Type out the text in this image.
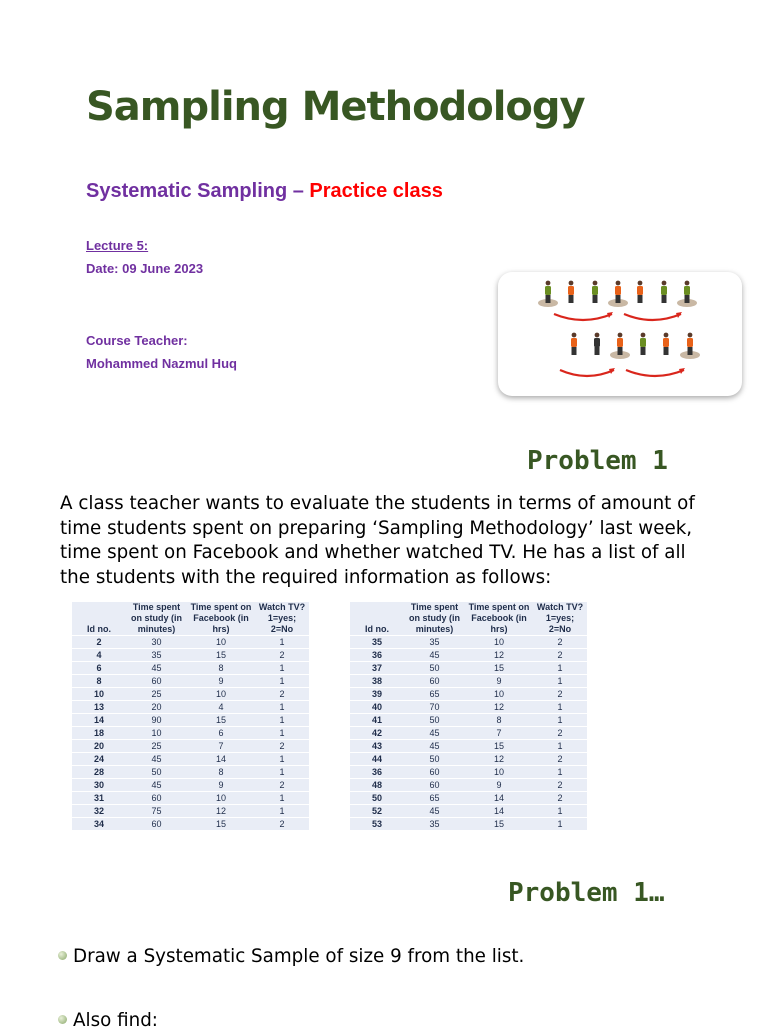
Sampling Methodology
Systematic Sampling – Practice class
Lecture 5:
Date: 09 June 2023
Course Teacher:
Mohammed Nazmul Huq
Problem 1
A class teacher wants to evaluate the students in terms of amount of time students spent on preparing ‘Sampling Methodology’ last week, time spent on Facebook and whether watched TV. He has a list of all the students with the required information as follows:
Id no.	Time spent on study (in minutes)	Time spent on Facebook (in hrs)	Watch TV? 1=yes; 2=No
2	30	10	1
4	35	15	2
6	45	8	1
8	60	9	1
10	25	10	2
13	20	4	1
14	90	15	1
18	10	6	1
20	25	7	2
24	45	14	1
28	50	8	1
30	45	9	2
31	60	10	1
32	75	12	1
34	60	15	2
Id no.	Time spent on study (in minutes)	Time spent on Facebook (in hrs)	Watch TV? 1=yes; 2=No
35	35	10	2
36	45	12	2
37	50	15	1
38	60	9	1
39	65	10	2
40	70	12	1
41	50	8	1
42	45	7	2
43	45	15	1
44	50	12	2
36	60	10	1
48	60	9	2
50	65	14	2
52	45	14	1
53	35	15	1
Problem 1…
Draw a Systematic Sample of size 9 from the list.
Also find:
